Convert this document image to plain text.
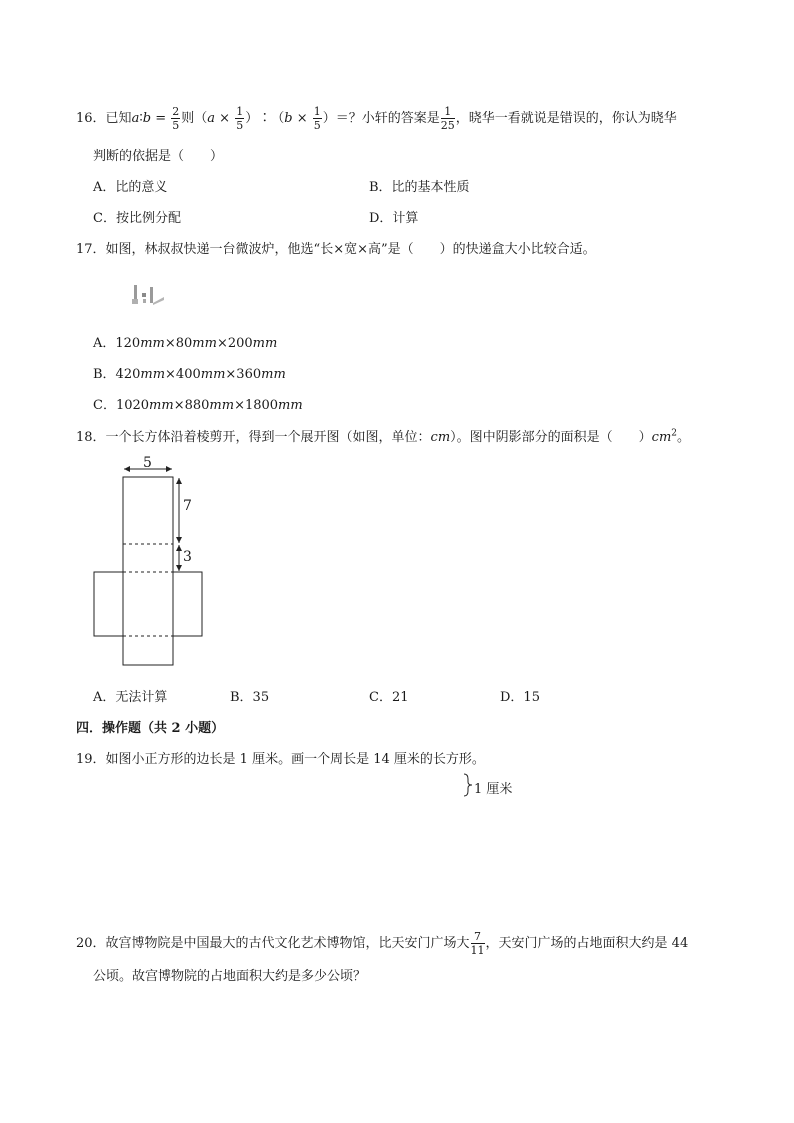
16．已知a∶b = $\frac{2}{5}$ 则（$a \times \frac{1}{5}$ ）∶（b × $\frac{1}{5}$ ）＝？小轩的答案是 $\frac{1}{25}$ ，晓华一看就说是错误的，你认为晓华
判断的依据是（　　）
A．比的意义	B．比的基本性质
C．按比例分配	D．计算
17．如图，林叔叔快递一台微波炉，他选“长×宽×高”是（　　）的快递盒大小比较合适。
A．120mm×80mm×200mm
B．420mm×400mm×360mm
C．1020mm×880mm×1800mm
18．一个长方体沿着棱剪开，得到一个展开图（如图，单位：cm）。图中阴影部分的面积是（　　）$cm^2$。
5
7
3
A．无法计算	B．35	C．21	D．15
四．操作题（共 2 小题）
19．如图小正方形的边长是 1 厘米。画一个周长是 14 厘米的长方形。
1 厘米
20．故宫博物院是中国最大的古代文化艺术博物馆，比天安门广场大 $\frac{7}{11}$ ，天安门广场的占地面积大约是 44
公顷。故宫博物院的占地面积大约是多少公顷？
